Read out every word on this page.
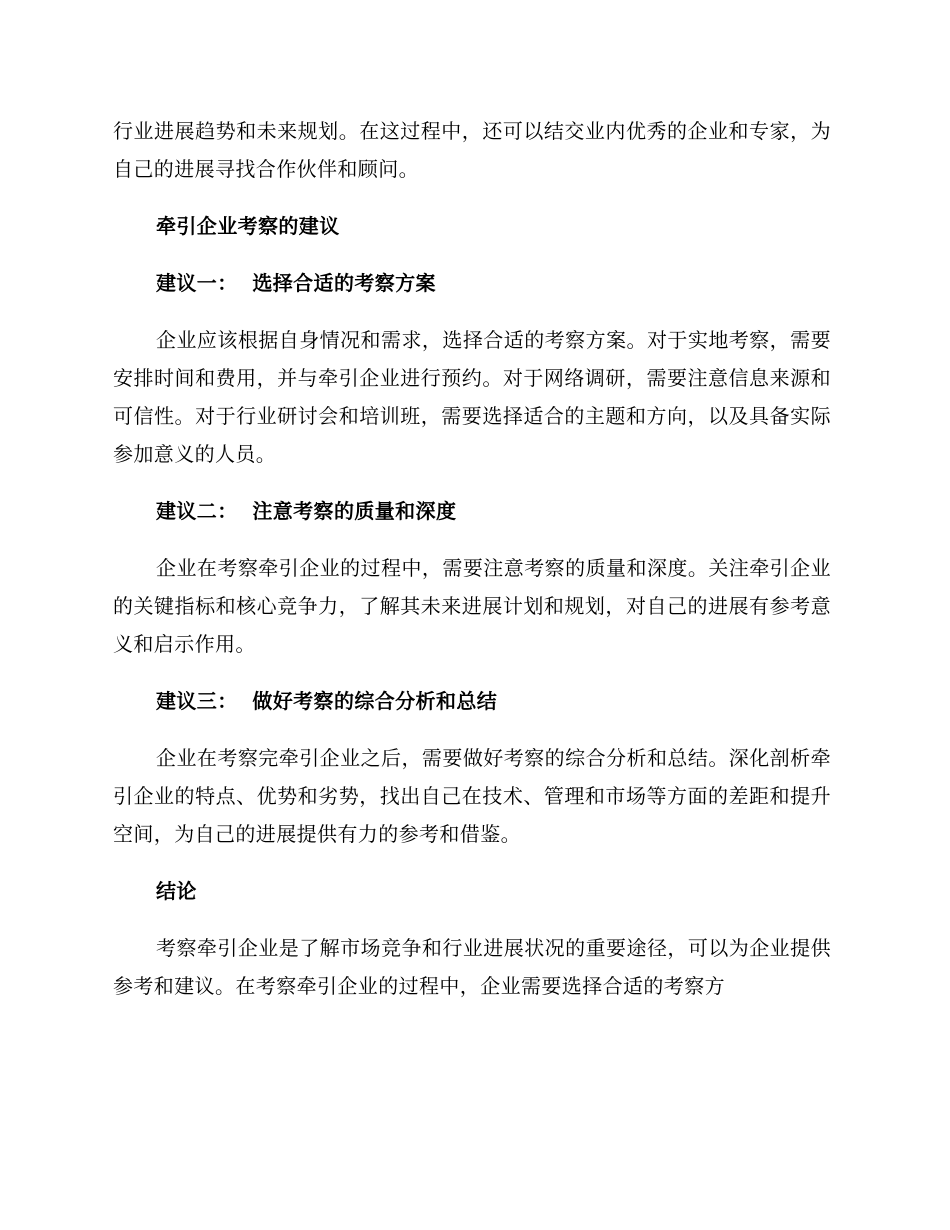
行业进展趋势和未来规划。在这过程中，还可以结交业内优秀的企业和专家，为自己的进展寻找合作伙伴和顾问。

牵引企业考察的建议

建议一： 选择合适的考察方案

企业应该根据自身情况和需求，选择合适的考察方案。对于实地考察，需要安排时间和费用，并与牵引企业进行预约。对于网络调研，需要注意信息来源和可信性。对于行业研讨会和培训班，需要选择适合的主题和方向，以及具备实际参加意义的人员。

建议二： 注意考察的质量和深度

企业在考察牵引企业的过程中，需要注意考察的质量和深度。关注牵引企业的关键指标和核心竞争力，了解其未来进展计划和规划，对自己的进展有参考意义和启示作用。

建议三： 做好考察的综合分析和总结

企业在考察完牵引企业之后，需要做好考察的综合分析和总结。深化剖析牵引企业的特点、优势和劣势，找出自己在技术、管理和市场等方面的差距和提升空间，为自己的进展提供有力的参考和借鉴。

结论

考察牵引企业是了解市场竞争和行业进展状况的重要途径，可以为企业提供参考和建议。在考察牵引企业的过程中，企业需要选择合适的考察方
